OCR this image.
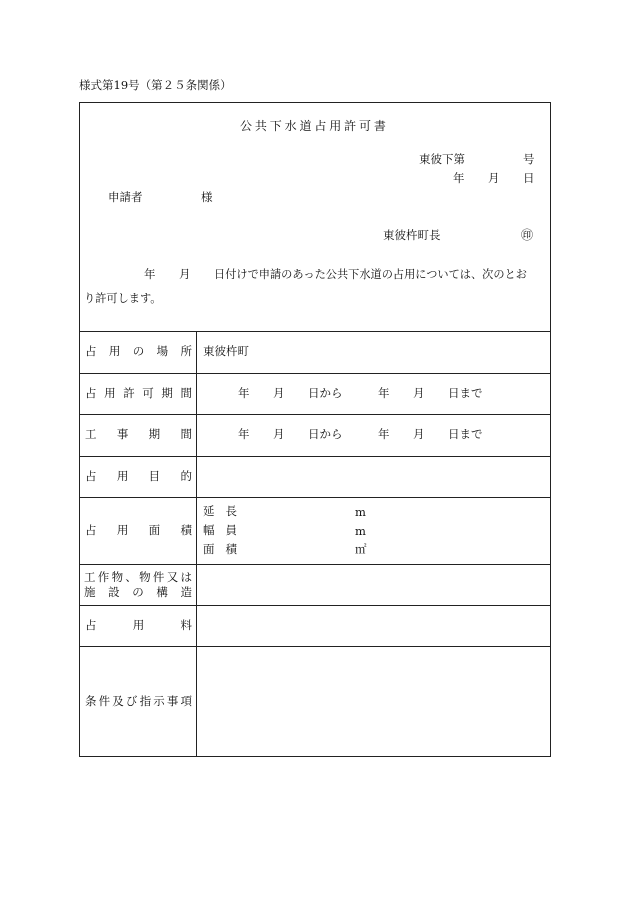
様式第19号（第２５条関係）
公 共 下 水 道 占 用 許 可 書
東彼下第	号
年 月 日
申請者	様
東彼杵町長	㊞
年 月 日付けで申請のあった公共下水道の占用については、次のとお
り許可します。
占 用 の 場 所 東彼杵町
占 用 許 可 期 間	年 月 日から	年 月 日まで
工 事 期 間	年 月 日から	年 月 日まで
占 用 目 的
占 用 面 積
延 長	m
幅 員	m
面 積	㎡
工 作 物 、 物 件 又 は
施 設 の 構 造
占	用	料
条 件 及 び 指 示 事 項
